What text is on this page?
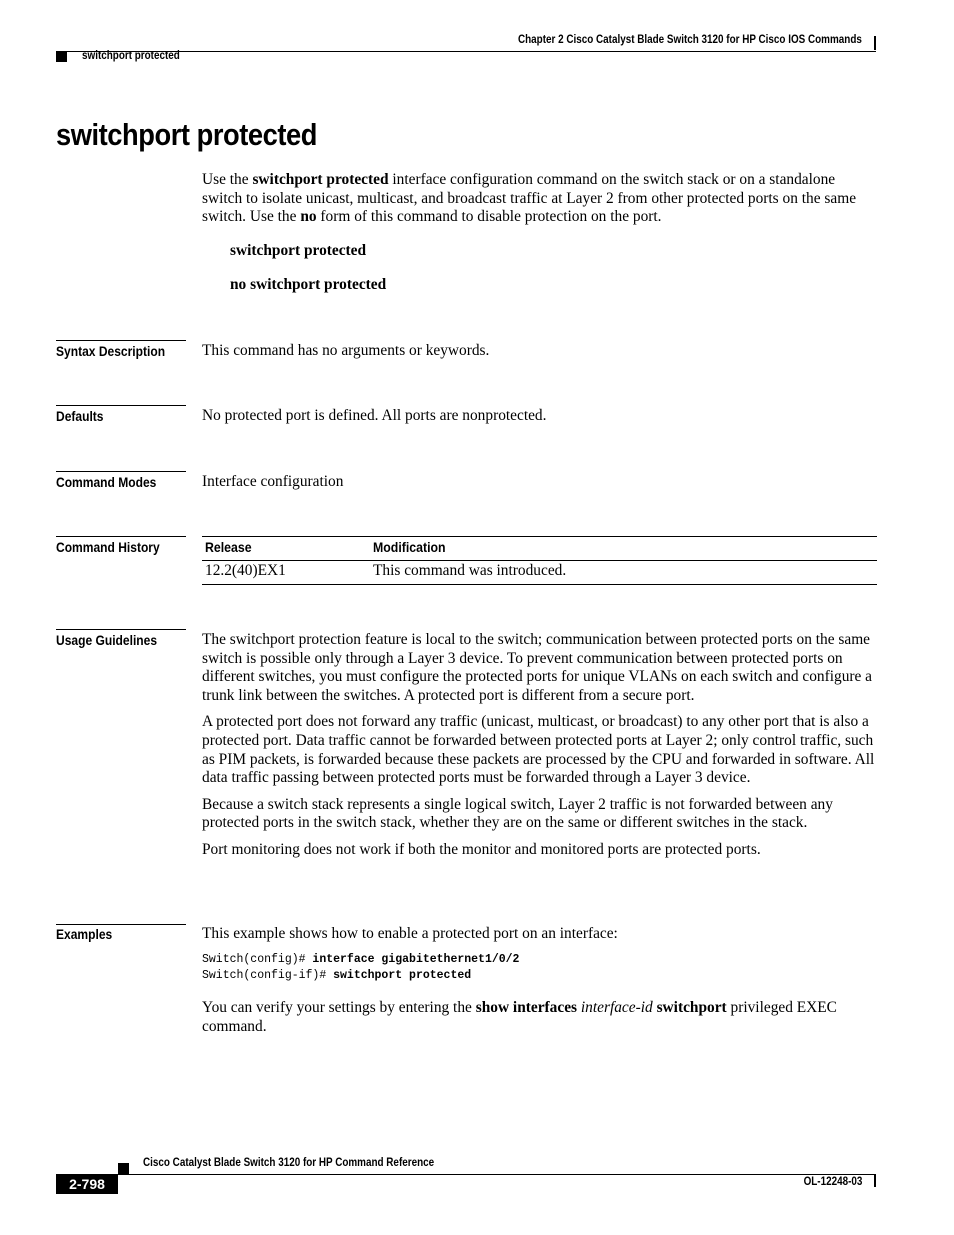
Chapter 2 Cisco Catalyst Blade Switch 3120 for HP Cisco IOS Commands
switchport protected
switchport protected
Use the switchport protected interface configuration command on the switch stack or on a standalone switch to isolate unicast, multicast, and broadcast traffic at Layer 2 from other protected ports on the same switch. Use the no form of this command to disable protection on the port.
switchport protected
no switchport protected
Syntax Description This command has no arguments or keywords.
Defaults	No protected port is defined. All ports are nonprotected.
Command Modes	Interface configuration
Command History	Release	Modification
12.2(40)EX1	This command was introduced.
Usage Guidelines	The switchport protection feature is local to the switch; communication between protected ports on the same switch is possible only through a Layer 3 device. To prevent communication between protected ports on different switches, you must configure the protected ports for unique VLANs on each switch and configure a trunk link between the switches. A protected port is different from a secure port.

A protected port does not forward any traffic (unicast, multicast, or broadcast) to any other port that is also a protected port. Data traffic cannot be forwarded between protected ports at Layer 2; only control traffic, such as PIM packets, is forwarded because these packets are processed by the CPU and forwarded in software. All data traffic passing between protected ports must be forwarded through a Layer 3 device.

Because a switch stack represents a single logical switch, Layer 2 traffic is not forwarded between any protected ports in the switch stack, whether they are on the same or different switches in the stack.

Port monitoring does not work if both the monitor and monitored ports are protected ports.

Examples	This example shows how to enable a protected port on an interface:
Switch(config)# interface gigabitethernet1/0/2
Switch(config-if)# switchport protected
You can verify your settings by entering the show interfaces interface-id switchport privileged EXEC command.
Cisco Catalyst Blade Switch 3120 for HP Command Reference
2-798	OL-12248-03
